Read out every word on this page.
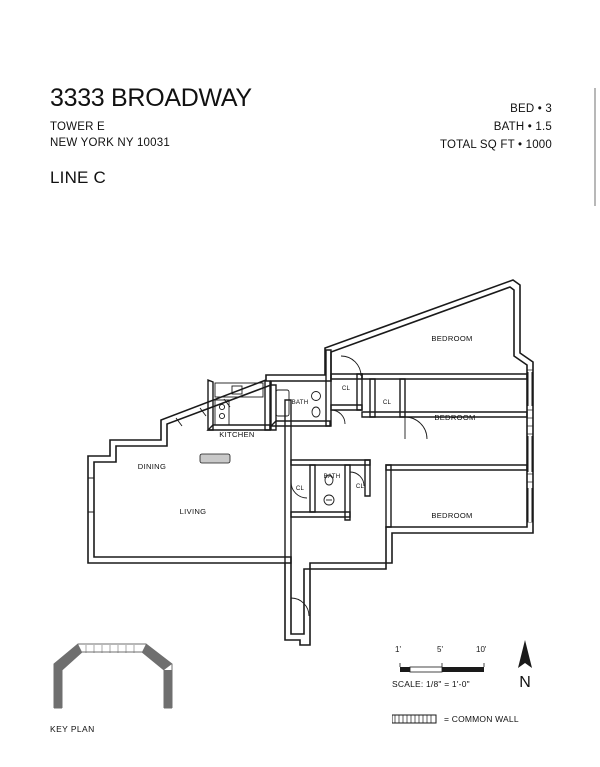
3333 BROADWAY
TOWER E
NEW YORK NY 10031
LINE C
BED • 3
BATH • 1.5
TOTAL SQ FT • 1000
BEDROOM
BEDROOM
BEDROOM
KITCHEN
DINING
LIVING
BATH
BATH
CL
CL
CL	CL
KEY PLAN
1'	5'	10'
SCALE: 1/8" = 1'-0"	N
= COMMON WALL
